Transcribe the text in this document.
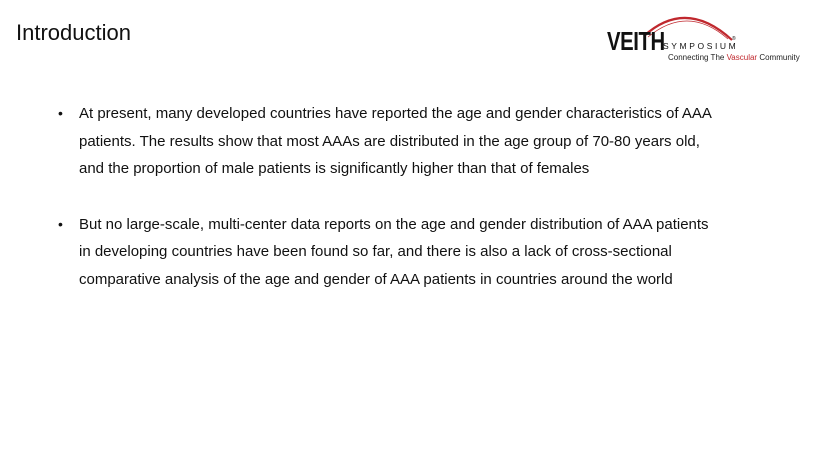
Introduction	VEITH
SYMPOSIUM
®
Connecting The Vascular Community
• At present, many developed countries have reported the age and gender characteristics of AAA
patients. The results show that most AAAs are distributed in the age group of 70-80 years old,
and the proportion of male patients is significantly higher than that of females
• But no large-scale, multi-center data reports on the age and gender distribution of AAA patients
in developing countries have been found so far, and there is also a lack of cross-sectional
comparative analysis of the age and gender of AAA patients in countries around the world
